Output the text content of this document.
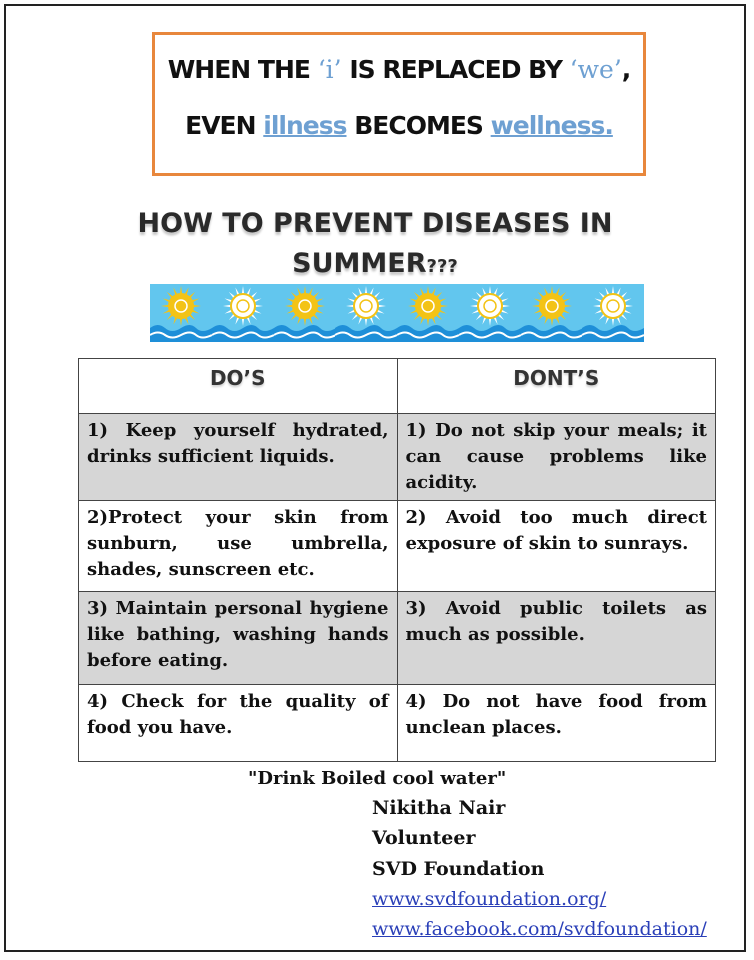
WHEN THE ‘i’ IS REPLACED BY ‘we’,
EVEN illness BECOMES wellness.
HOW TO PREVENT DISEASES IN
SUMMER???
DO’S	DONT’S
1) Keep yourself hydrated, drinks sufficient liquids.	1) Do not skip your meals; it can cause problems like acidity.
2)Protect your skin from sunburn, use umbrella, shades, sunscreen etc.	2) Avoid too much direct exposure of skin to sunrays.
3) Maintain personal hygiene like bathing, washing hands before eating.	3) Avoid public toilets as much as possible.
4) Check for the quality of food you have.	4) Do not have food from unclean places.
"Drink Boiled cool water"
Nikitha Nair
Volunteer
SVD Foundation
www.svdfoundation.org/
www.facebook.com/svdfoundation/
